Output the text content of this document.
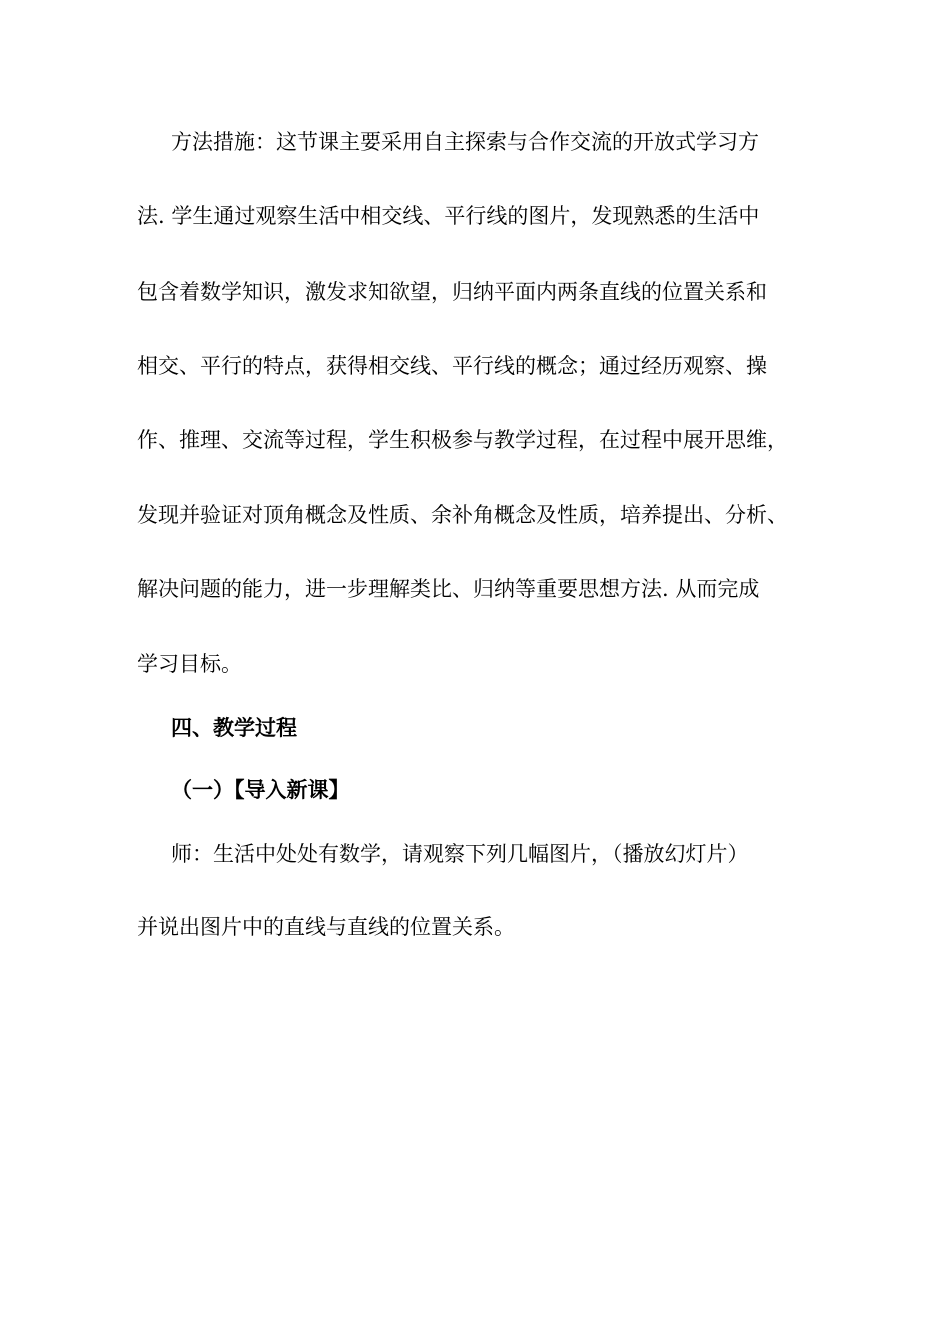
方法措施：这节课主要采用自主探索与合作交流的开放式学习方
法. 学生通过观察生活中相交线、平行线的图片，发现熟悉的生活中
包含着数学知识，激发求知欲望，归纳平面内两条直线的位置关系和
相交、平行的特点，获得相交线、平行线的概念；通过经历观察、操
作、推理、交流等过程，学生积极参与教学过程，在过程中展开思维，
发现并验证对顶角概念及性质、余补角概念及性质，培养提出、分析、
解决问题的能力，进一步理解类比、归纳等重要思想方法. 从而完成
学习目标。
四、教学过程
（一）【导入新课】
师：生活中处处有数学，请观察下列几幅图片，（播放幻灯片）
并说出图片中的直线与直线的位置关系。
